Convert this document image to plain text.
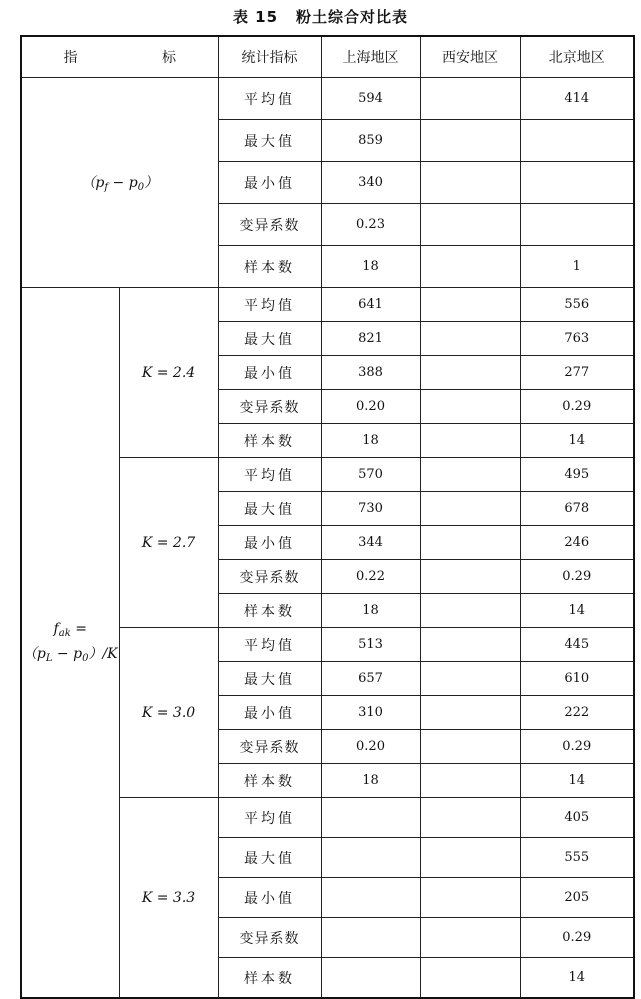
表 15 粉土综合对比表
指 标		统计指标	上海地区	西安地区	北京地区
$(p_f - p_0)$		平均值	594		414
		最大值	859		
		最小值	340		
		变异系数	0.23		
		样本数	18		1

$f_{ak}$ =
$(p_L - p_0)/K$	K = 2.4	平均值	641		556
		最大值	821		763
		最小值	388		277
		变异系数	0.20		0.29
		样本数	18		14
	K = 2.7	平均值	570		495
		最大值	730		678
		最小值	344		246
		变异系数	0.22		0.29
		样本数	18		14
	K = 3.0	平均值	513		445
		最大值	657		610
		最小值	310		222
		变异系数	0.20		0.29
		样本数	18		14
	K = 3.3	平均值			405
		最大值			555
		最小值			205
		变异系数			0.29
		样本数			14
